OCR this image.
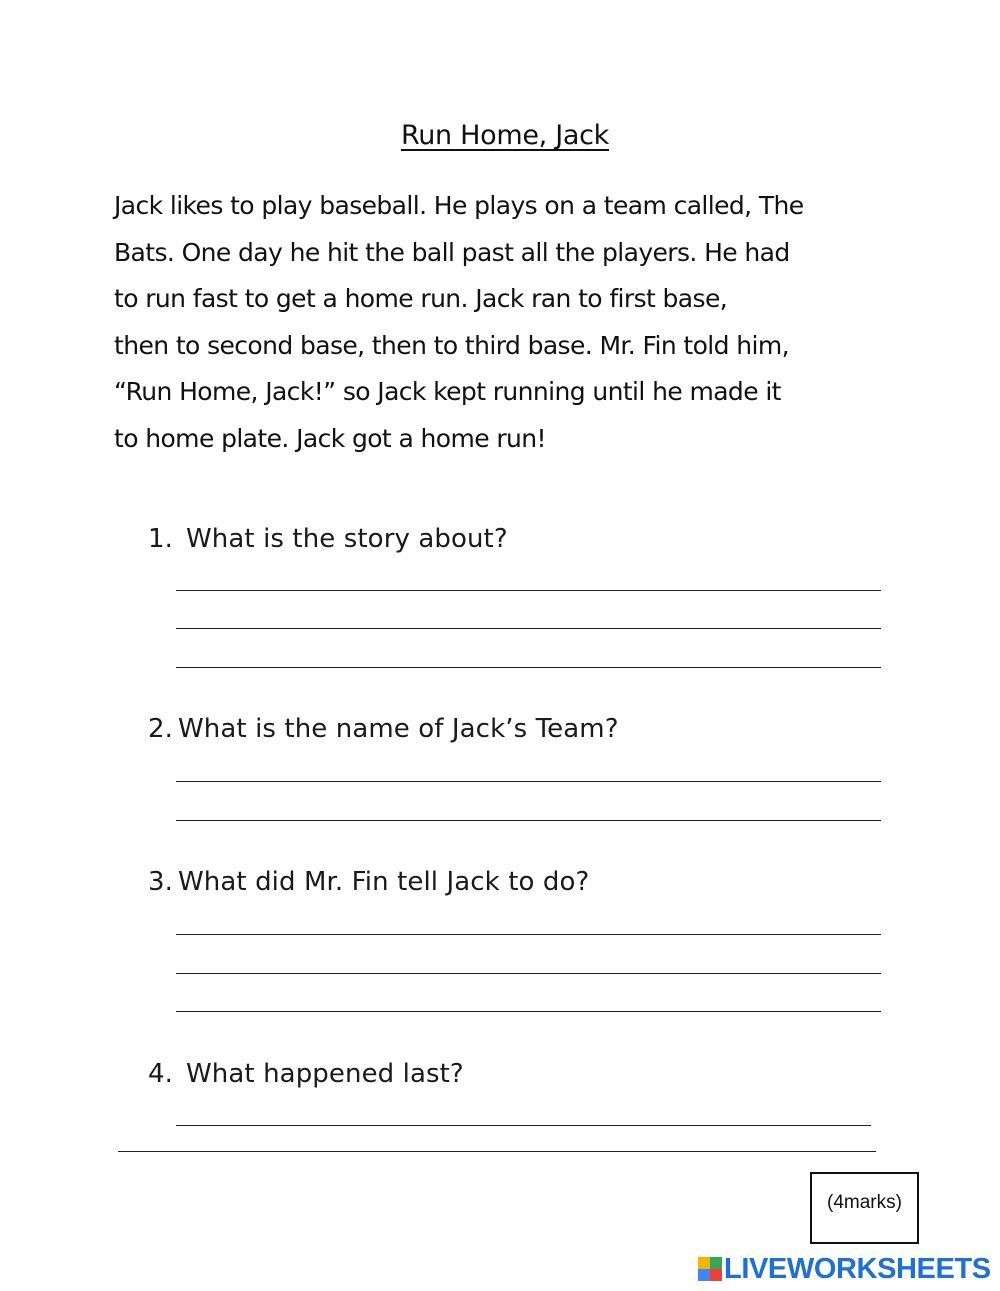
Run Home, Jack
Jack likes to play baseball. He plays on a team called, The
Bats. One day he hit the ball past all the players. He had
to run fast to get a home run. Jack ran to first base,
then to second base, then to third base. Mr. Fin told him,
“Run Home, Jack!” so Jack kept running until he made it
to home plate. Jack got a home run!
1. What is the story about?
2. What is the name of Jack’s Team?
3. What did Mr. Fin tell Jack to do?
4. What happened last?
(4marks)
LIVEWORKSHEETS
